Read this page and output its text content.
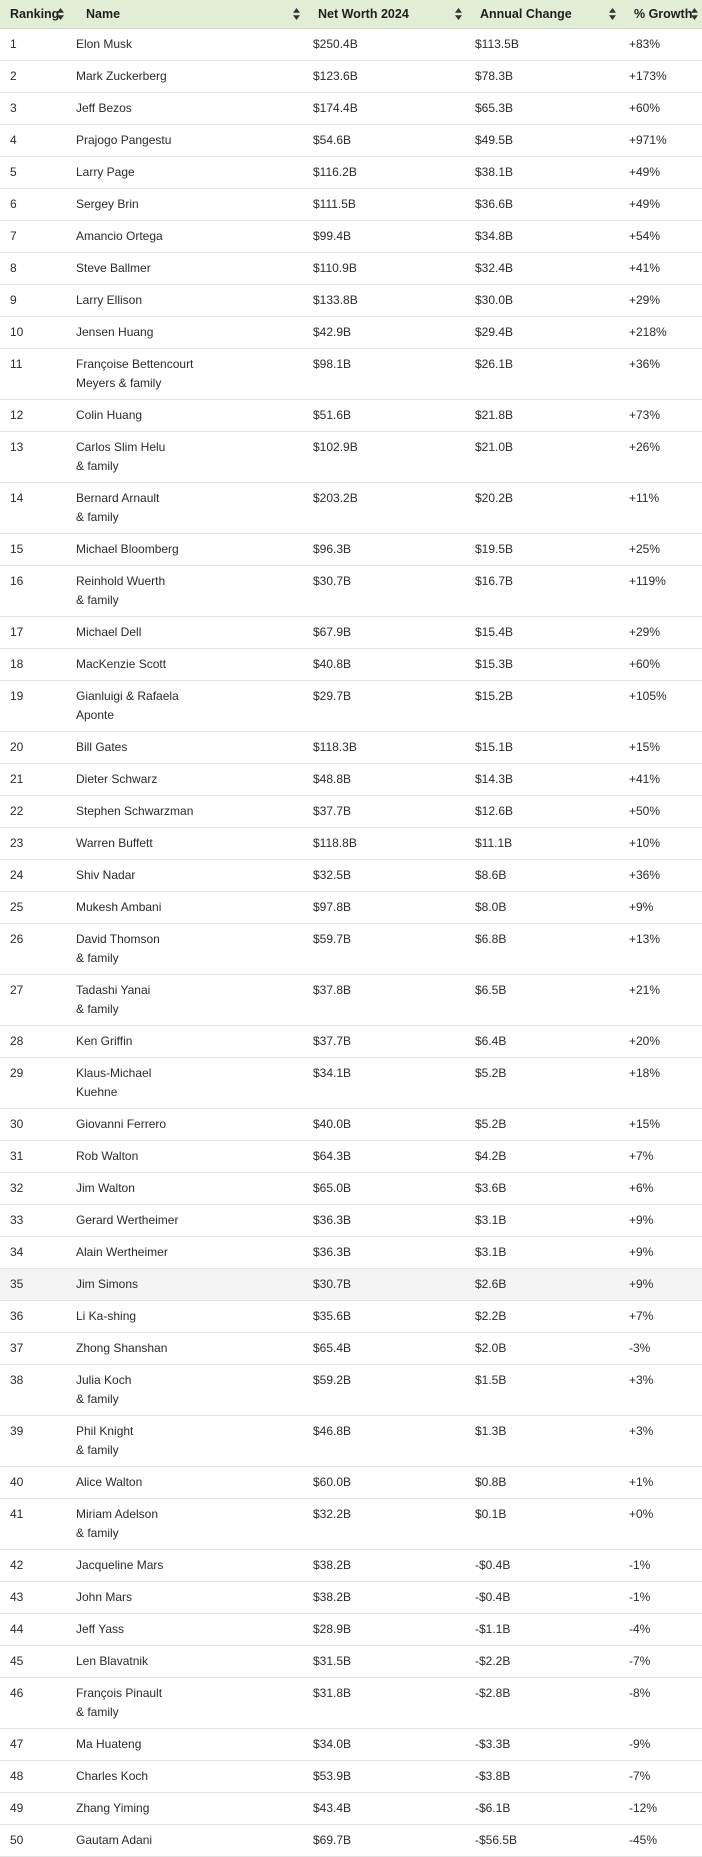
Ranking	Name	Net Worth 2024	Annual Change	% Growth

1	Elon Musk	$250.4B	$113.5B	+83%
2	Mark Zuckerberg	$123.6B	$78.3B	+173%
3	Jeff Bezos	$174.4B	$65.3B	+60%
4	Prajogo Pangestu	$54.6B	$49.5B	+971%
5	Larry Page	$116.2B	$38.1B	+49%
6	Sergey Brin	$111.5B	$36.6B	+49%
7	Amancio Ortega	$99.4B	$34.8B	+54%
8	Steve Ballmer	$110.9B	$32.4B	+41%
9	Larry Ellison	$133.8B	$30.0B	+29%
10	Jensen Huang	$42.9B	$29.4B	+218%
11	Françoise Bettencourt
Meyers & family	$98.1B	$26.1B	+36%
12	Colin Huang	$51.6B	$21.8B	+73%
13	Carlos Slim Helu
& family	$102.9B	$21.0B	+26%
14	Bernard Arnault
& family	$203.2B	$20.2B	+11%
15	Michael Bloomberg	$96.3B	$19.5B	+25%
16	Reinhold Wuerth
& family	$30.7B	$16.7B	+119%
17	Michael Dell	$67.9B	$15.4B	+29%
18	MacKenzie Scott	$40.8B	$15.3B	+60%
19	Gianluigi & Rafaela
Aponte	$29.7B	$15.2B	+105%
20	Bill Gates	$118.3B	$15.1B	+15%
21	Dieter Schwarz	$48.8B	$14.3B	+41%
22	Stephen Schwarzman	$37.7B	$12.6B	+50%
23	Warren Buffett	$118.8B	$11.1B	+10%
24	Shiv Nadar	$32.5B	$8.6B	+36%
25	Mukesh Ambani	$97.8B	$8.0B	+9%
26	David Thomson
& family	$59.7B	$6.8B	+13%
27	Tadashi Yanai
& family	$37.8B	$6.5B	+21%
28	Ken Griffin	$37.7B	$6.4B	+20%
29	Klaus-Michael
Kuehne	$34.1B	$5.2B	+18%
30	Giovanni Ferrero	$40.0B	$5.2B	+15%
31	Rob Walton	$64.3B	$4.2B	+7%
32	Jim Walton	$65.0B	$3.6B	+6%
33	Gerard Wertheimer	$36.3B	$3.1B	+9%
34	Alain Wertheimer	$36.3B	$3.1B	+9%
35	Jim Simons	$30.7B	$2.6B	+9%
36	Li Ka-shing	$35.6B	$2.2B	+7%
37	Zhong Shanshan	$65.4B	$2.0B	-3%
38	Julia Koch
& family	$59.2B	$1.5B	+3%
39	Phil Knight
& family	$46.8B	$1.3B	+3%
40	Alice Walton	$60.0B	$0.8B	+1%
41	Miriam Adelson
& family	$32.2B	$0.1B	+0%
42	Jacqueline Mars	$38.2B	-$0.4B	-1%
43	John Mars	$38.2B	-$0.4B	-1%
44	Jeff Yass	$28.9B	-$1.1B	-4%
45	Len Blavatnik	$31.5B	-$2.2B	-7%
46	François Pinault
& family	$31.8B	-$2.8B	-8%
47	Ma Huateng	$34.0B	-$3.3B	-9%
48	Charles Koch	$53.9B	-$3.8B	-7%
49	Zhang Yiming	$43.4B	-$6.1B	-12%
50	Gautam Adani	$69.7B	-$56.5B	-45%
